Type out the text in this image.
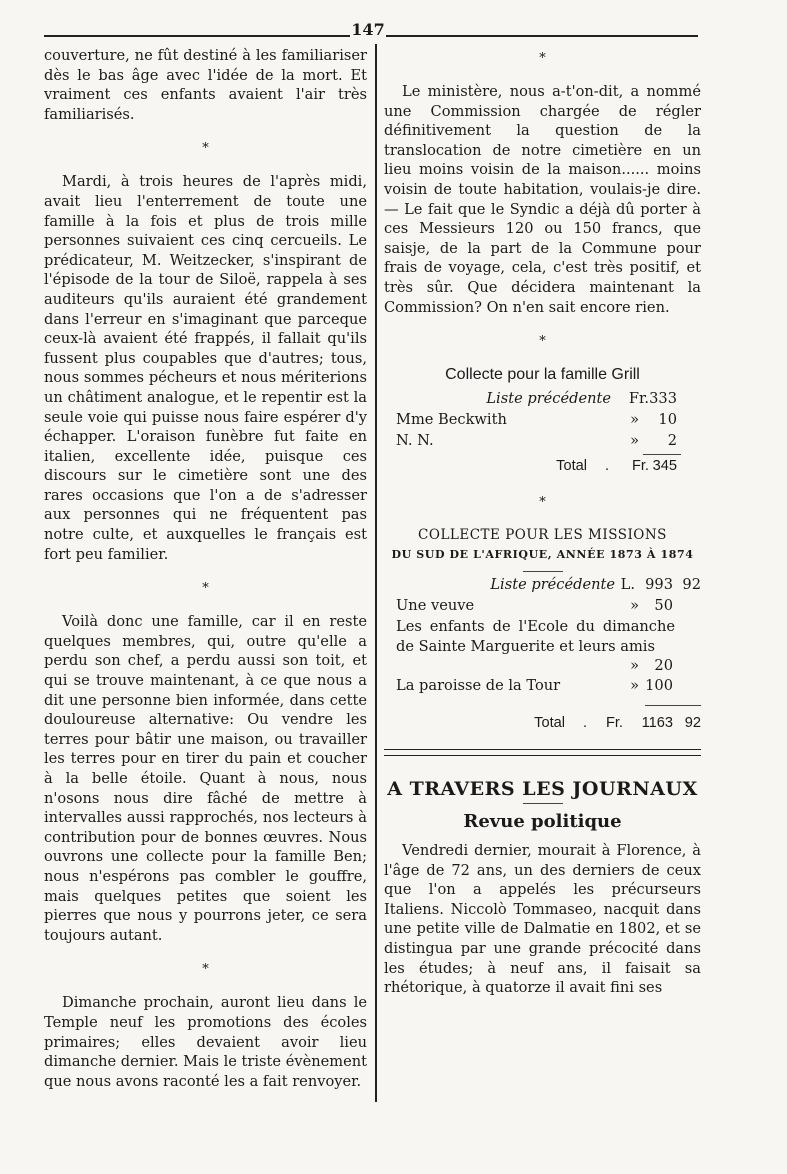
147

couverture, ne fût destiné à les familiariser dès le bas âge avec l'idée de la mort. Et vraiment ces enfants avaient l'air très familiarisés.

*

Mardi, à trois heures de l'après midi, avait lieu l'enterrement de toute une famille à la fois et plus de trois mille personnes suivaient ces cinq cercueils. Le prédicateur, M. Weitzecker, s'inspirant de l'épisode de la tour de Siloë, rappela à ses auditeurs qu'ils auraient été grandement dans l'erreur en s'imaginant que parceque ceux-là avaient été frappés, il fallait qu'ils fussent plus coupables que d'autres; tous, nous sommes pécheurs et nous mériterions un châtiment analogue, et le repentir est la seule voie qui puisse nous faire espérer d'y échapper. L'oraison funèbre fut faite en italien, excellente idée, puisque ces discours sur le cimetière sont une des rares occasions que l'on a de s'adresser aux personnes qui ne fréquentent pas notre culte, et auxquelles le français est fort peu familier.

*

Voilà donc une famille, car il en reste quelques membres, qui, outre qu'elle a perdu son chef, a perdu aussi son toit, et qui se trouve maintenant, à ce que nous a dit une personne bien informée, dans cette douloureuse alternative: Ou vendre les terres pour bâtir une maison, ou travailler les terres pour en tirer du pain et coucher à la belle étoile. Quant à nous, nous n'osons nous dire fâché de mettre à intervalles aussi rapprochés, nos lecteurs à contribution pour de bonnes œuvres. Nous ouvrons une collecte pour la famille Ben; nous n'espérons pas combler le gouffre, mais quelques petites que soient les pierres que nous y pourrons jeter, ce sera toujours autant.

*

Dimanche prochain, auront lieu dans le Temple neuf les promotions des écoles primaires; elles devaient avoir lieu dimanche dernier. Mais le triste évènement que nous avons raconté les a fait renvoyer.

*

Le ministère, nous a-t'on-dit, a nommé une Commission chargée de régler définitivement la question de la translocation de notre cimetière en un lieu moins voisin de la maison...... moins voisin de toute habitation, voulais-je dire. — Le fait que le Syndic a déjà dû porter à ces Messieurs 120 ou 150 francs, que saisje, de la part de la Commune pour frais de voyage, cela, c'est très positif, et très sûr. Que décidera maintenant la Commission? On n'en sait encore rien.

*
Collecte pour la famille Grill
Liste précédente Fr. 333
Mme Beckwith	» 10
N. N.	» 2
Total . Fr. 345
*
COLLECTE POUR LES MISSIONS
DU SUD DE L'AFRIQUE, ANNÉE 1873 À 1874
Liste précédente L. 993 92
Une veuve	» 50
Les enfants de l'Ecole du dimanche de Sainte Marguerite et leurs amis
» 20
La paroisse de la Tour	» 100
Total . Fr. 1163 92
A TRAVERS LES JOURNAUX
Revue politique

Vendredi dernier, mourait à Florence, à l'âge de 72 ans, un des derniers de ceux que l'on a appelés les précurseurs Italiens. Niccolò Tommaseo, nacquit dans une petite ville de Dalmatie en 1802, et se distingua par une grande précocité dans les études; à neuf ans, il faisait sa rhétorique, à quatorze il avait fini ses
